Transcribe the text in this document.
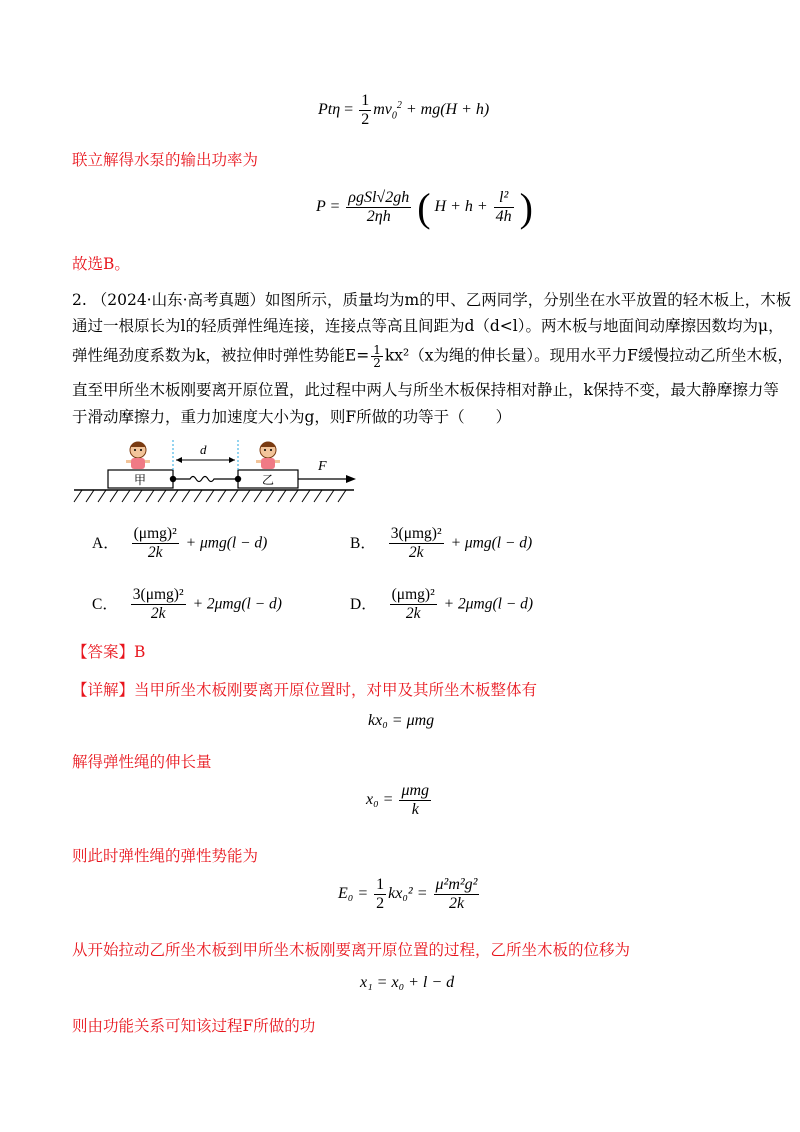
$Pt\eta = \frac{1}{2} mv_0^2 + mg(H + h)$
联立解得水泵的输出功率为
$P = \frac{\text{ρgSl√2gh}}{2\eta h}$ ( $H + h + \frac{\text{l²}}{4h}$ )
故选B。
2. （2024·山东·高考真题）如图所示，质量均为m的甲、乙两同学，分别坐在水平放置的轻木板上，木板
通过一根原长为l的轻质弹性绳连接，连接点等高且间距为d（d<l）。两木板与地面间动摩擦因数均为μ，
弹性绳劲度系数为k，被拉伸时弹性势能$E= \frac{1}{2} kx^2(x$为绳的伸长量）。现用水平力F缓慢拉动乙所坐木板，
直至甲所坐木板刚要离开原位置，此过程中两人与所坐木板保持相对静止，k保持不变，最大静摩擦力等
于滑动摩擦力，重力加速度大小为g，则F所做的功等于（　　）
甲	乙
d
F
A． $\frac{\text{(μmg)²}}{2k} + \mu mg(l - d)$	B． $\frac{\text{3(μmg)²}}{2k} + \mu mg(l - d)$
C． $\frac{\text{3(μmg)²}}{2k} + 2\mu mg(l - d)$	D． $\frac{\text{(μmg)²}}{2k} + 2\mu mg(l - d)$
【答案】B
【详解】当甲所坐木板刚要离开原位置时，对甲及其所坐木板整体有
kx₀ = μmg
解得弹性绳的伸长量
$x_0 = \frac{\text{μmg}}{k}$
则此时弹性绳的弹性势能为
$E_0 = \frac{1}{2} kx_0^2 = \frac{\text{μ²m²g²}}{2k}$
从开始拉动乙所坐木板到甲所坐木板刚要离开原位置的过程，乙所坐木板的位移为
x₁ = x₀ + l − d
则由功能关系可知该过程F所做的功
